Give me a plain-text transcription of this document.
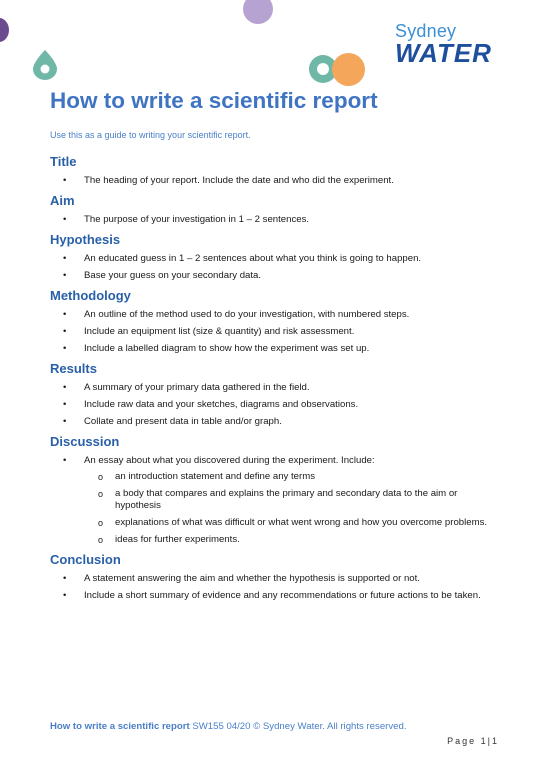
Sydney
WATER
How to write a scientific report
Use this as a guide to writing your scientific report.
Title
• The heading of your report. Include the date and who did the experiment.
Aim
• The purpose of your investigation in 1 – 2 sentences.
Hypothesis
• An educated guess in 1 – 2 sentences about what you think is going to happen.
• Base your guess on your secondary data.
Methodology
• An outline of the method used to do your investigation, with numbered steps.
• Include an equipment list (size & quantity) and risk assessment.
• Include a labelled diagram to show how the experiment was set up.
Results
• A summary of your primary data gathered in the field.
• Include raw data and your sketches, diagrams and observations.
• Collate and present data in table and/or graph.
Discussion
• An essay about what you discovered during the experiment. Include:
o an introduction statement and define any terms
o a body that compares and explains the primary and secondary data to the aim or hypothesis
o explanations of what was difficult or what went wrong and how you overcome problems.
o ideas for further experiments.
Conclusion
• A statement answering the aim and whether the hypothesis is supported or not.
• Include a short summary of evidence and any recommendations or future actions to be taken.
How to write a scientific report SW155 04/20 © Sydney Water. All rights reserved.
Page 1|1
